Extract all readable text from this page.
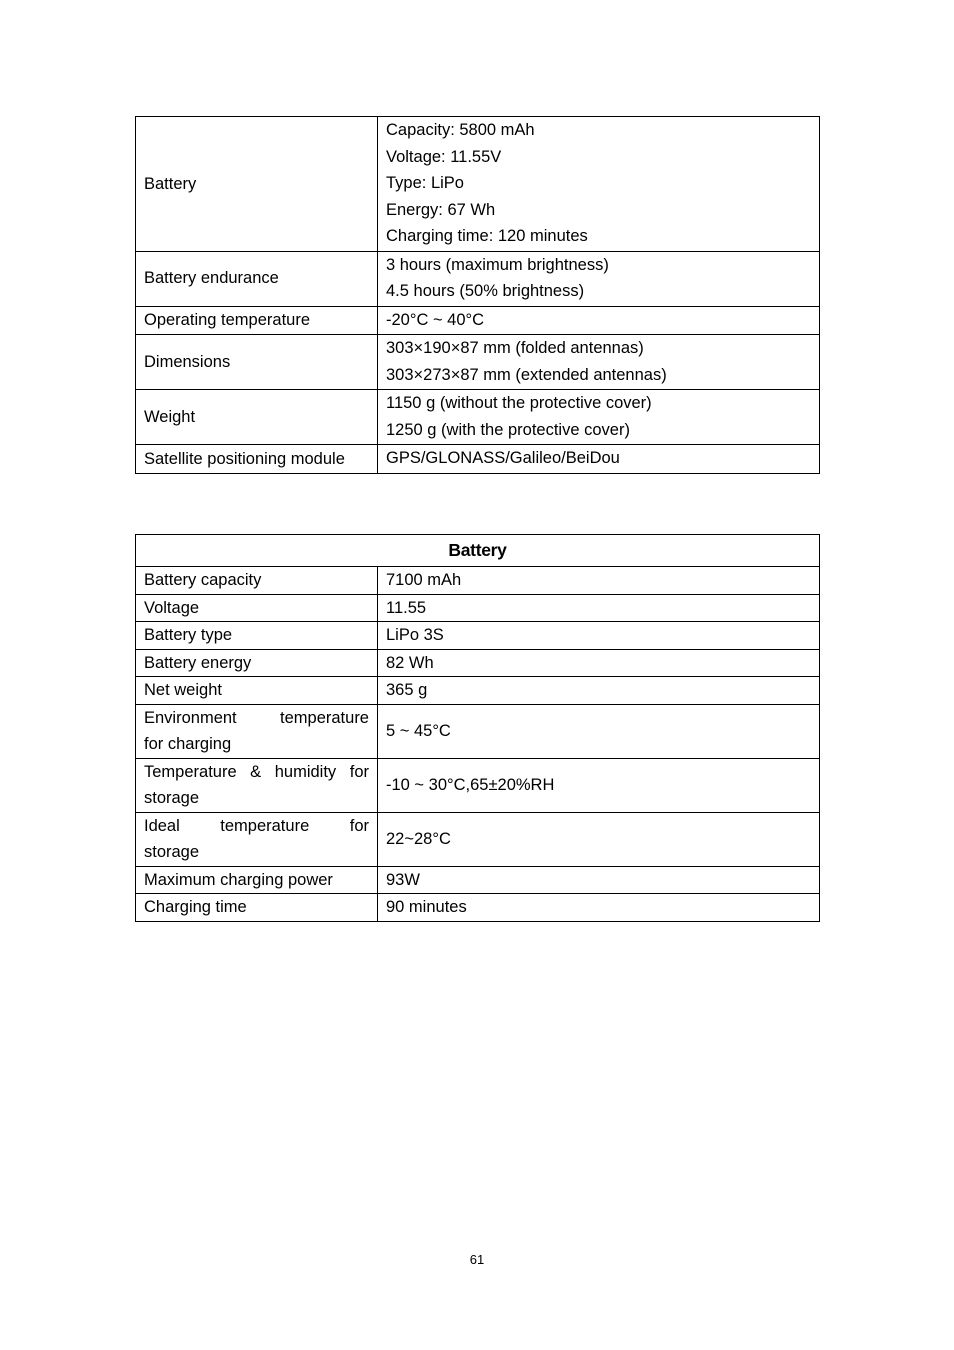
Battery	Capacity: 5800 mAh
Voltage: 11.55V
Type: LiPo
Energy: 67 Wh
Charging time: 120 minutes

Battery endurance	3 hours (maximum brightness)
4.5 hours (50% brightness)

Operating temperature	-20°C ~ 40°C

Dimensions	303×190×87 mm (folded antennas)
303×273×87 mm (extended antennas)

Weight	1150 g (without the protective cover)
1250 g (with the protective cover)

Satellite positioning module	GPS/GLONASS/Galileo/BeiDou
Battery	
Battery capacity	7100 mAh
Voltage	11.55
Battery type	LiPo 3S
Battery energy	82 Wh
Net weight	365 g

Environment temperature
for charging	5 ~ 45°C

Temperature & humidity for
storage	-10 ~ 30°C,65±20%RH

Ideal temperature for
storage	22~28°C
Maximum charging power	93W
Charging time	90 minutes
61
